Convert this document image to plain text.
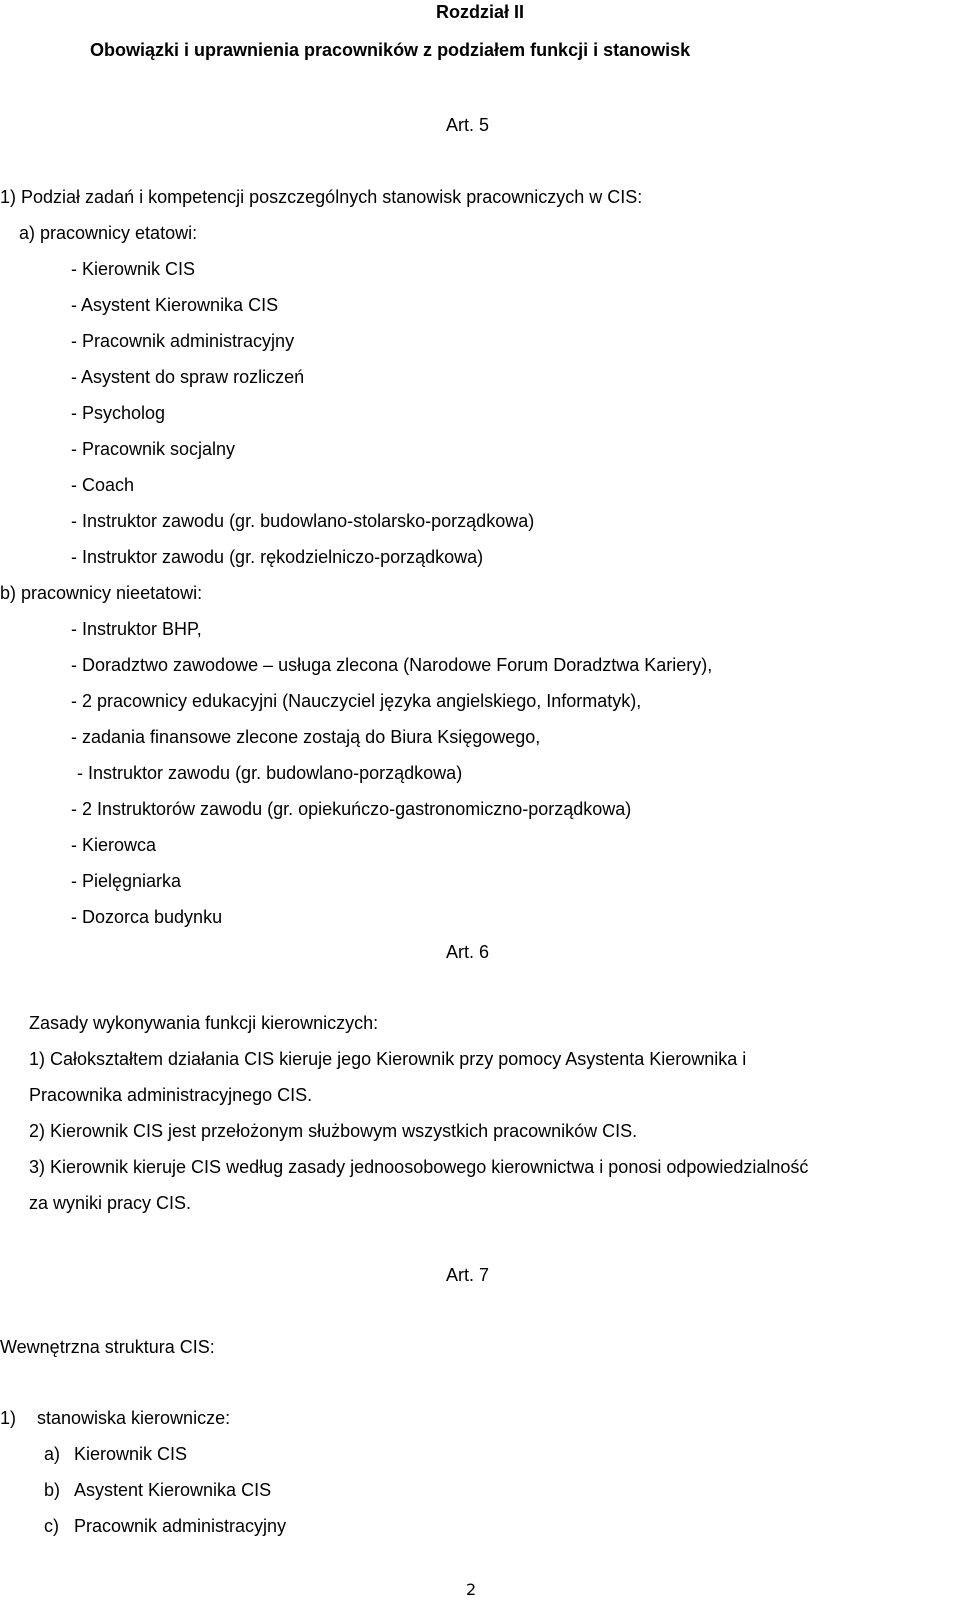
Rozdział II
Obowiązki i uprawnienia pracowników z podziałem funkcji i stanowisk
Art. 5
1) Podział zadań i kompetencji poszczególnych stanowisk pracowniczych w CIS:
a) pracownicy etatowi:
- Kierownik CIS
- Asystent Kierownika CIS
- Pracownik administracyjny
- Asystent do spraw rozliczeń
- Psycholog
- Pracownik socjalny
- Coach
- Instruktor zawodu (gr. budowlano-stolarsko-porządkowa)
- Instruktor zawodu (gr. rękodzielniczo-porządkowa)
b) pracownicy nieetatowi:
- Instruktor BHP,
- Doradztwo zawodowe – usługa zlecona (Narodowe Forum Doradztwa Kariery),
- 2 pracownicy edukacyjni (Nauczyciel języka angielskiego, Informatyk),
- zadania finansowe zlecone zostają do Biura Księgowego,
- Instruktor zawodu (gr. budowlano-porządkowa)
- 2 Instruktorów zawodu (gr. opiekuńczo-gastronomiczno-porządkowa)
- Kierowca
- Pielęgniarka
- Dozorca budynku
Art. 6
Zasady wykonywania funkcji kierowniczych:
1) Całokształtem działania CIS kieruje jego Kierownik przy pomocy Asystenta Kierownika i
Pracownika administracyjnego CIS.
2) Kierownik CIS jest przełożonym służbowym wszystkich pracowników CIS.
3) Kierownik kieruje CIS według zasady jednoosobowego kierownictwa i ponosi odpowiedzialność
za wyniki pracy CIS.
Art. 7
Wewnętrzna struktura CIS:
1) stanowiska kierownicze:
a) Kierownik CIS
b) Asystent Kierownika CIS
c) Pracownik administracyjny
2
